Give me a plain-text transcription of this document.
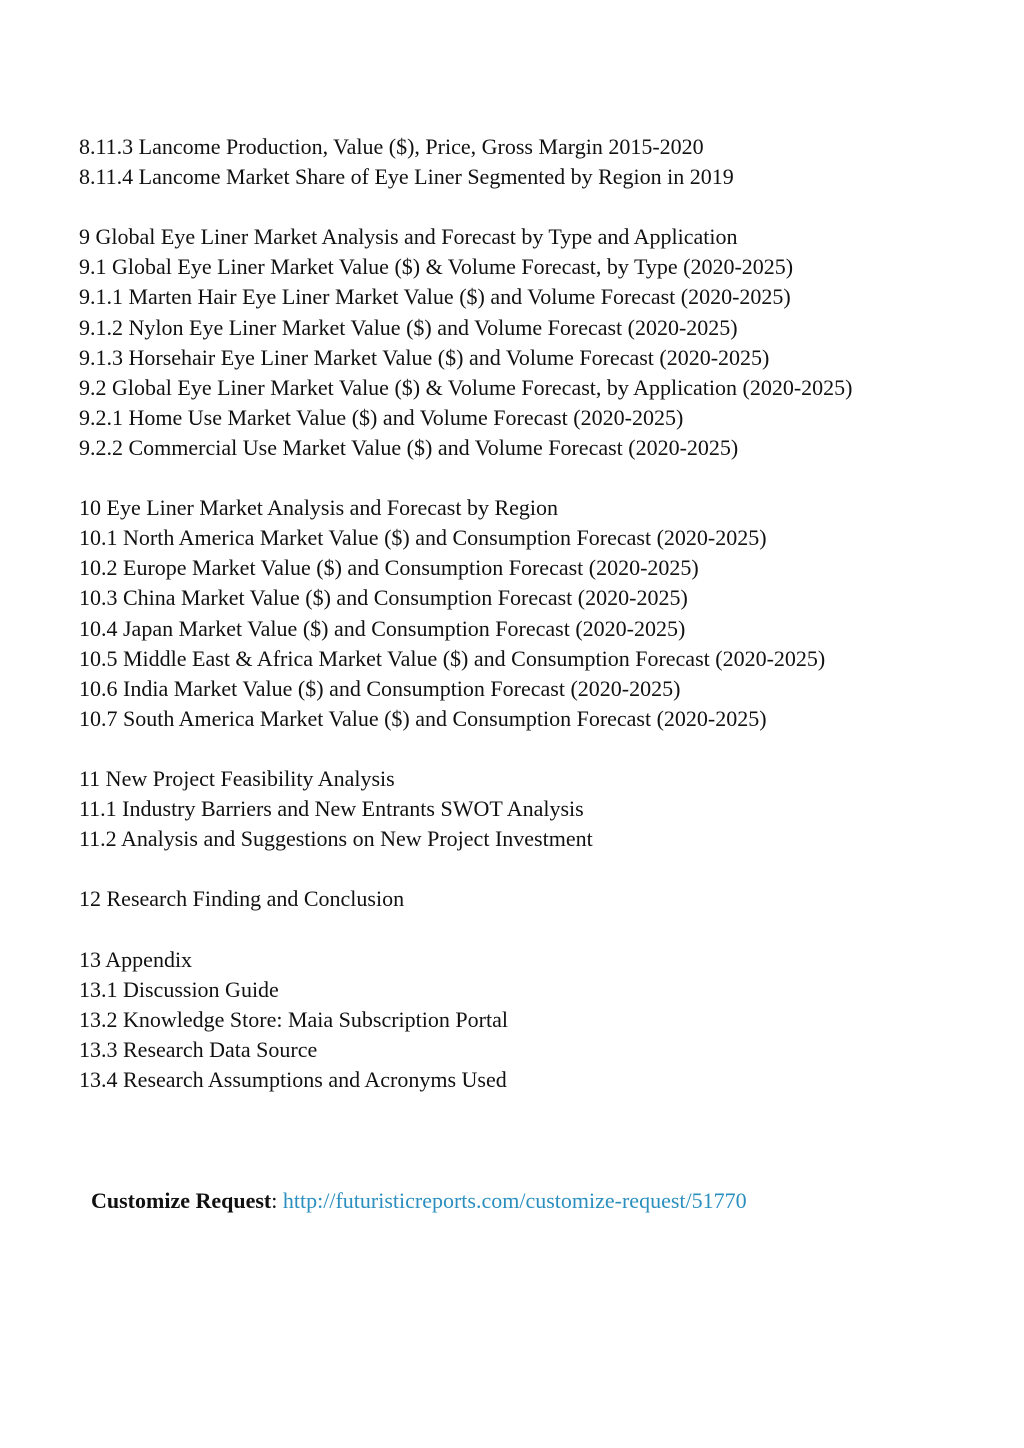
8.11.3 Lancome Production, Value ($), Price, Gross Margin 2015-2020
8.11.4 Lancome Market Share of Eye Liner Segmented by Region in 2019
9 Global Eye Liner Market Analysis and Forecast by Type and Application
9.1 Global Eye Liner Market Value ($) & Volume Forecast, by Type (2020-2025)
9.1.1 Marten Hair Eye Liner Market Value ($) and Volume Forecast (2020-2025)
9.1.2 Nylon Eye Liner Market Value ($) and Volume Forecast (2020-2025)
9.1.3 Horsehair Eye Liner Market Value ($) and Volume Forecast (2020-2025)
9.2 Global Eye Liner Market Value ($) & Volume Forecast, by Application (2020-2025)
9.2.1 Home Use Market Value ($) and Volume Forecast (2020-2025)
9.2.2 Commercial Use Market Value ($) and Volume Forecast (2020-2025)
10 Eye Liner Market Analysis and Forecast by Region
10.1 North America Market Value ($) and Consumption Forecast (2020-2025)
10.2 Europe Market Value ($) and Consumption Forecast (2020-2025)
10.3 China Market Value ($) and Consumption Forecast (2020-2025)
10.4 Japan Market Value ($) and Consumption Forecast (2020-2025)
10.5 Middle East & Africa Market Value ($) and Consumption Forecast (2020-2025)
10.6 India Market Value ($) and Consumption Forecast (2020-2025)
10.7 South America Market Value ($) and Consumption Forecast (2020-2025)
11 New Project Feasibility Analysis
11.1 Industry Barriers and New Entrants SWOT Analysis
11.2 Analysis and Suggestions on New Project Investment
12 Research Finding and Conclusion
13 Appendix
13.1 Discussion Guide
13.2 Knowledge Store: Maia Subscription Portal
13.3 Research Data Source
13.4 Research Assumptions and Acronyms Used
Customize Request: http://futuristicreports.com/customize-request/51770
